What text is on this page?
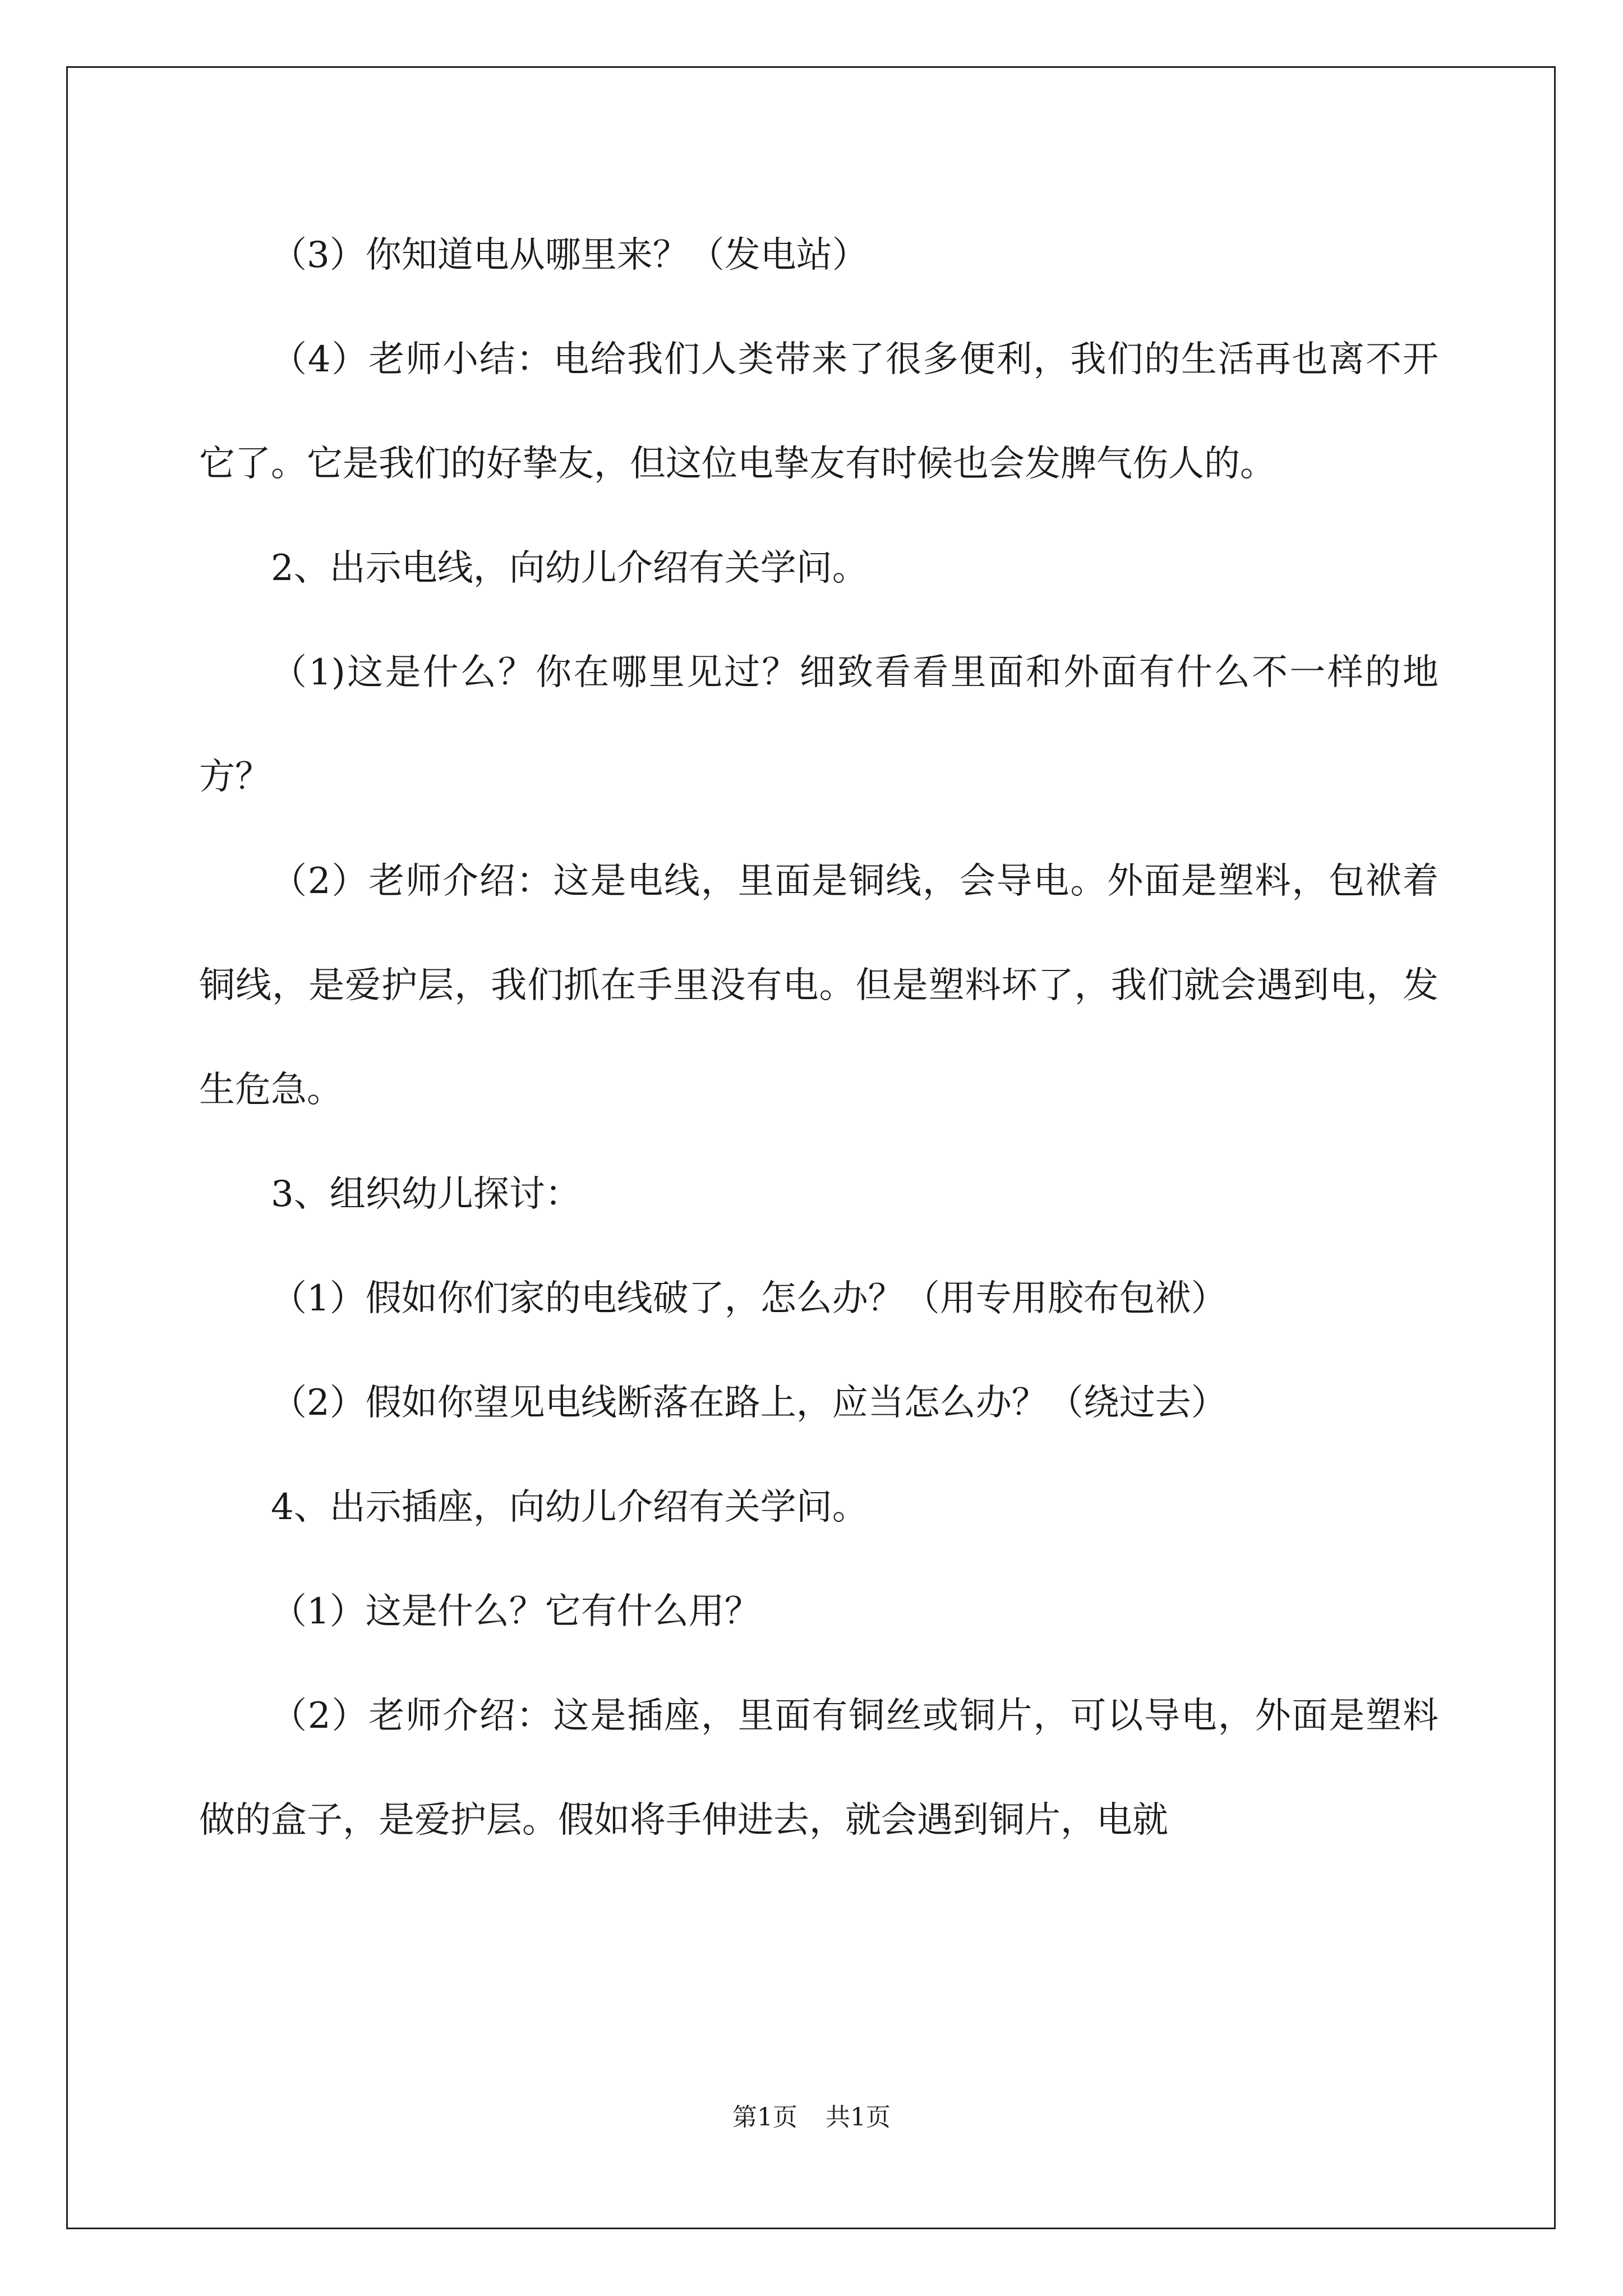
（3）你知道电从哪里来？（发电站）

（4）老师小结：电给我们人类带来了很多便利，我们的生活再也离不开它了。它是我们的好挚友，但这位电挚友有时候也会发脾气伤人的。

2、出示电线，向幼儿介绍有关学问。

（1)这是什么？你在哪里见过？细致看看里面和外面有什么不一样的地方？

（2）老师介绍：这是电线，里面是铜线，会导电。外面是塑料，包袱着铜线，是爱护层，我们抓在手里没有电。但是塑料坏了，我们就会遇到电，发生危急。

3、组织幼儿探讨：

（1）假如你们家的电线破了，怎么办？（用专用胶布包袱）

（2）假如你望见电线断落在路上，应当怎么办？（绕过去）

4、出示插座，向幼儿介绍有关学问。

（1）这是什么？它有什么用？

（2）老师介绍：这是插座，里面有铜丝或铜片，可以导电，外面是塑料做的盒子，是爱护层。假如将手伸进去，就会遇到铜片，电就

第1页 共1页
